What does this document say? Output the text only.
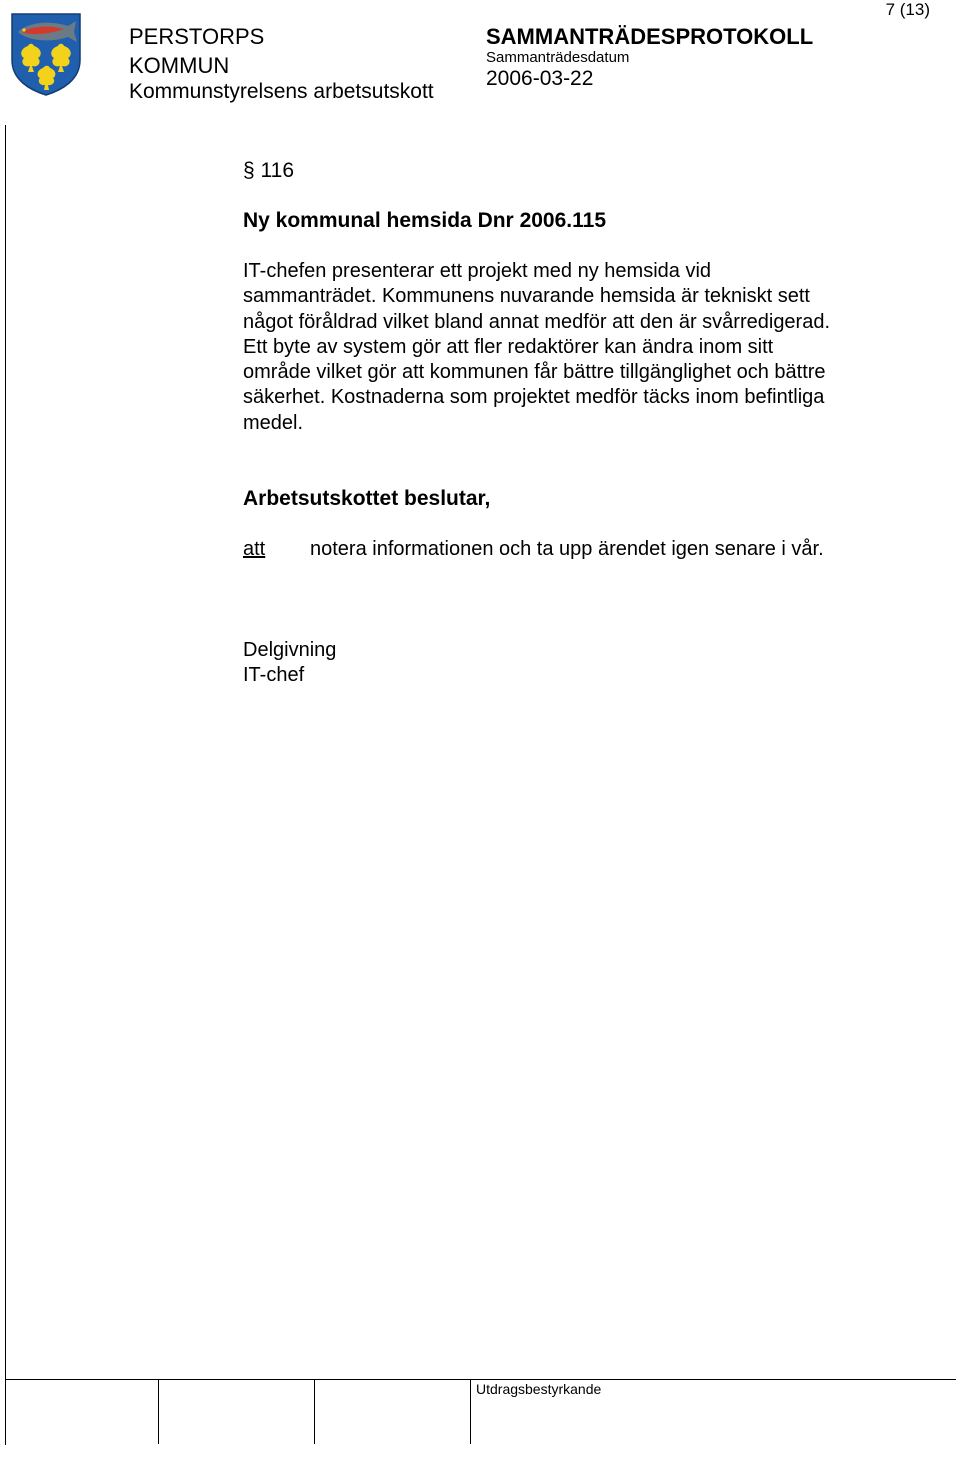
7 (13)
PERSTORPS
KOMMUN
Kommunstyrelsens arbetsutskott
SAMMANTRÄDESPROTOKOLL
Sammanträdesdatum
2006-03-22
§ 116
Ny kommunal hemsida Dnr 2006.115
IT-chefen presenterar ett projekt med ny hemsida vid sammanträdet. Kommunens nuvarande hemsida är tekniskt sett något föråldrad vilket bland annat medför att den är svårredigerad. Ett byte av system gör att fler redaktörer kan ändra inom sitt område vilket gör att kommunen får bättre tillgänglighet och bättre säkerhet. Kostnaderna som projektet medför täcks inom befintliga medel.
Arbetsutskottet beslutar,
att notera informationen och ta upp ärendet igen senare i vår.
Delgivning
IT-chef
Utdragsbestyrkande
